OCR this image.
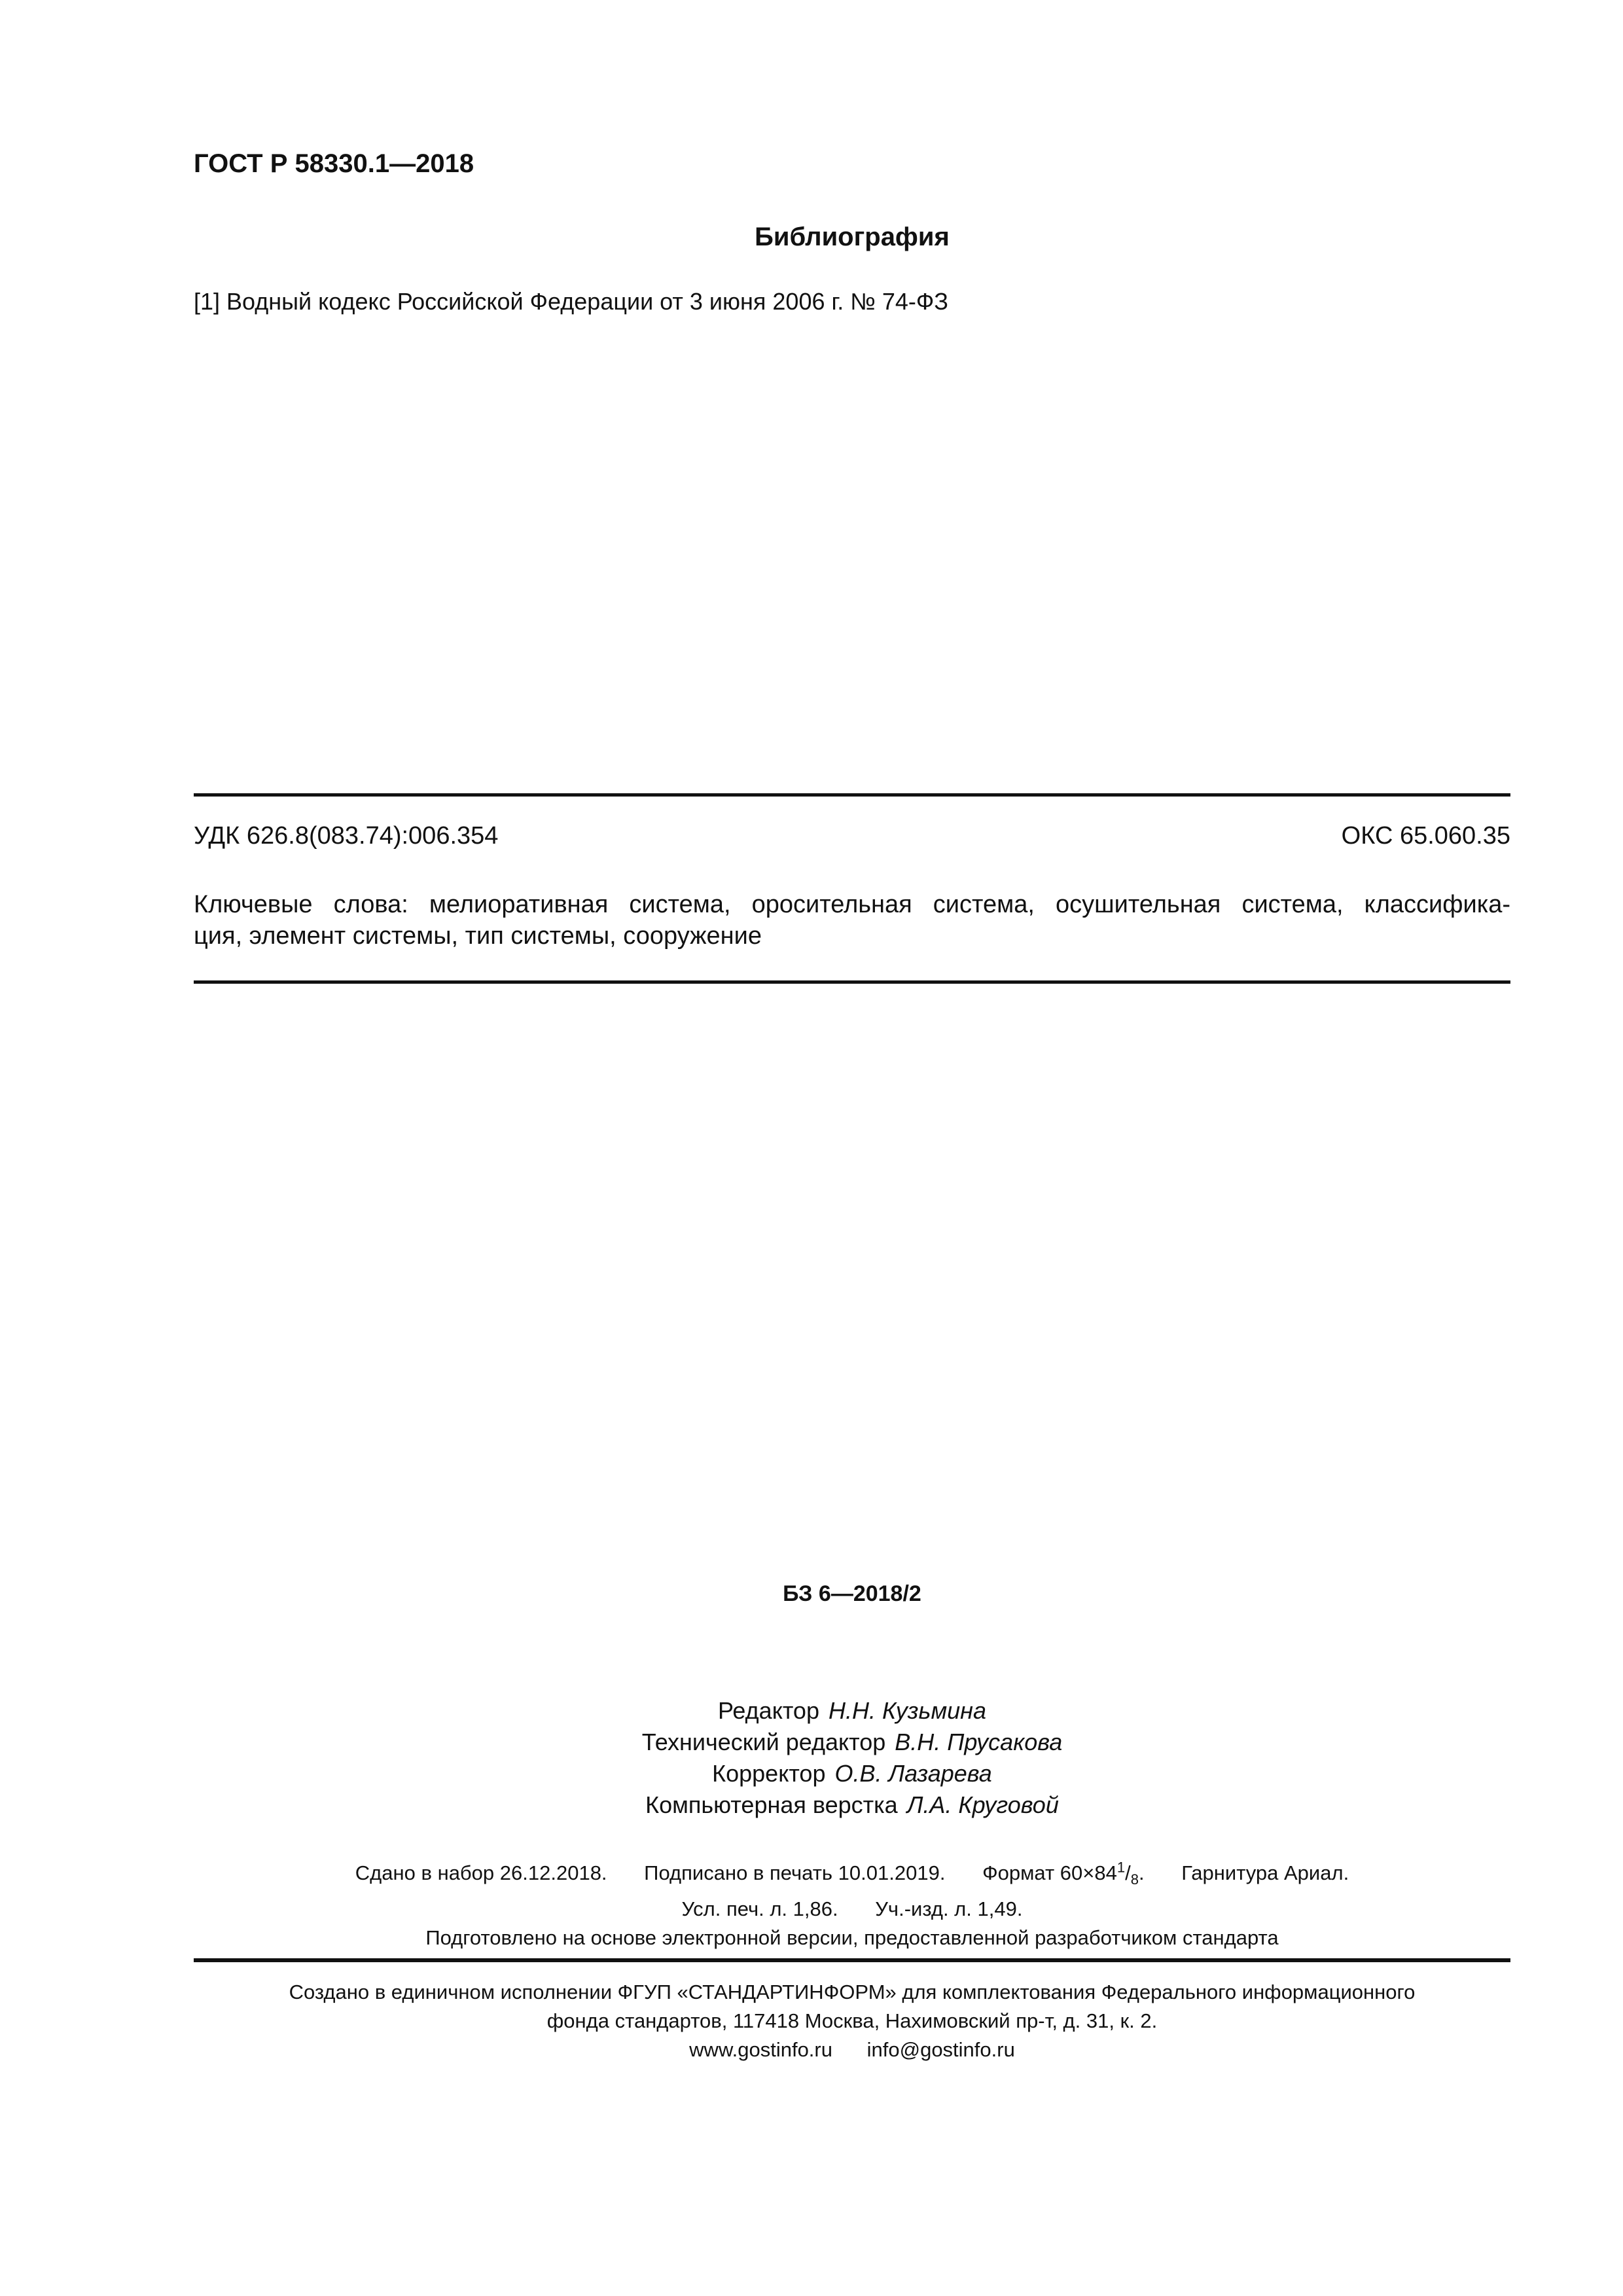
ГОСТ Р 58330.1—2018
Библиография
[1] Водный кодекс Российской Федерации от 3 июня 2006 г. № 74-ФЗ
УДК 626.8(083.74):006.354	ОКС 65.060.35
Ключевые слова: мелиоративная система, оросительная система, осушительная система, классифика-
ция, элемент системы, тип системы, сооружение
БЗ 6—2018/2
Редактор Н.Н. Кузьмина
Технический редактор В.Н. Прусакова
Корректор О.В. Лазарева
Компьютерная верстка Л.А. Круговой
Сдано в набор 26.12.2018. Подписано в печать 10.01.2019. Формат $60\times 84^1/_8$. Гарнитура Ариал.
Усл. печ. л. 1,86. Уч.-изд. л. 1,49.
Подготовлено на основе электронной версии, предоставленной разработчиком стандарта
Создано в единичном исполнении ФГУП «СТАНДАРТИНФОРМ» для комплектования Федерального информационного
фонда стандартов, 117418 Москва, Нахимовский пр-т, д. 31, к. 2.
www.gostinfo.ru info@gostinfo.ru
